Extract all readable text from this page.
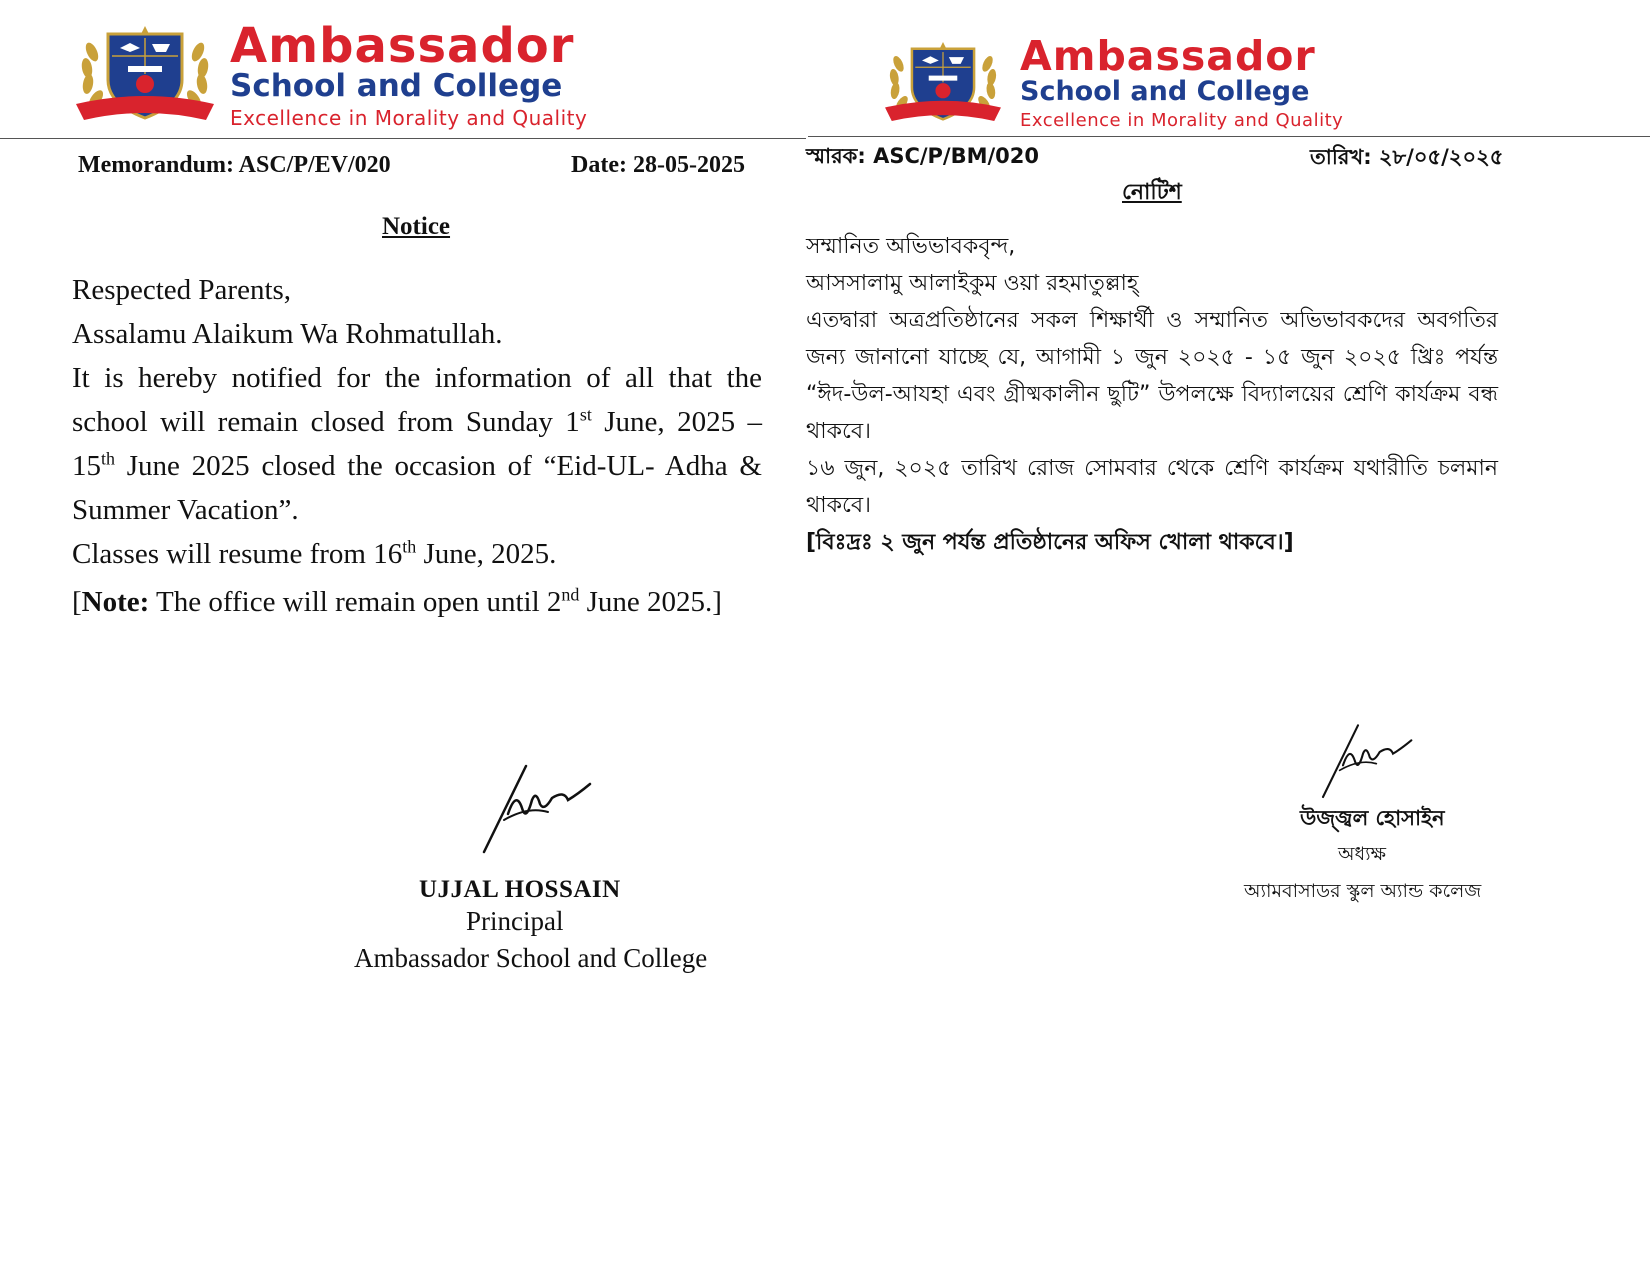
Ambassador
School and College
Excellence in Morality and Quality
Ambassador
School and College
Excellence in Morality and Quality
Memorandum: ASC/P/EV/020	Date: 28-05-2025
Notice

Respected Parents,

Assalamu Alaikum Wa Rohmatullah.

It is hereby notified for the information of all that the school will remain closed from Sunday 1st June, 2025 – 15th June 2025 closed the occasion of “Eid-UL- Adha & Summer Vacation”.

Classes will resume from 16th June, 2025.

[Note: The office will remain open until 2nd June 2025.]

UJJAL HOSSAIN
Principal
Ambassador School and College
স্মারক: ASC/P/BM/020	তারিখ: ২৮/০৫/২০২৫
নোটিশ

সম্মানিত অভিভাবকবৃন্দ,

আসসালামু আলাইকুম ওয়া রহমাতুল্লাহ্

এতদ্বারা অত্রপ্রতিষ্ঠানের সকল শিক্ষার্থী ও সম্মানিত অভিভাবকদের অবগতির জন্য জানানো যাচ্ছে যে, আগামী ১ জুন ২০২৫ - ১৫ জুন ২০২৫ খ্রিঃ পর্যন্ত “ঈদ-উল-আযহা এবং গ্রীষ্মকালীন ছুটি” উপলক্ষে বিদ্যালয়ের শ্রেণি কার্যক্রম বন্ধ থাকবে।

১৬ জুন, ২০২৫ তারিখ রোজ সোমবার থেকে শ্রেণি কার্যক্রম যথারীতি চলমান থাকবে।

[বিঃদ্রঃ ২ জুন পর্যন্ত প্রতিষ্ঠানের অফিস খোলা থাকবে।]

উজ্জ্বল হোসাইন
অধ্যক্ষ
অ্যামবাসাডর স্কুল অ্যান্ড কলেজ
